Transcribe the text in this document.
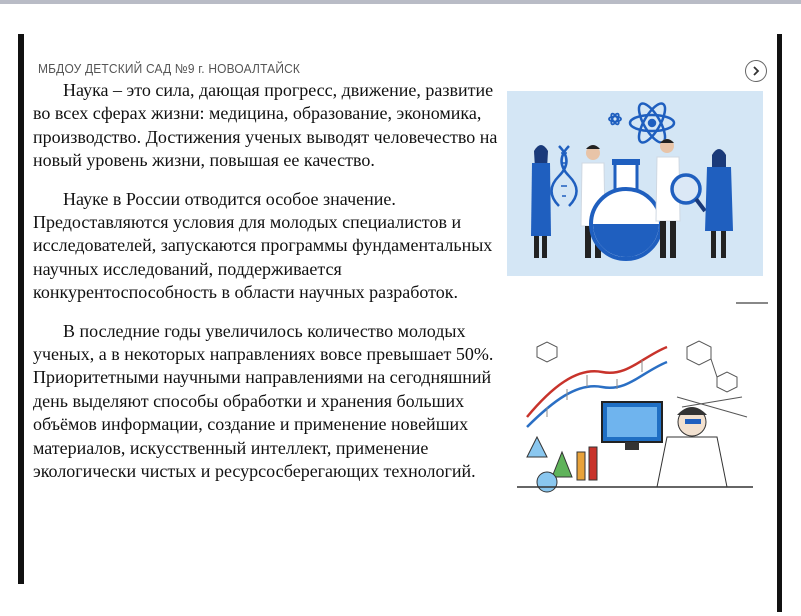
МБДОУ ДЕТСКИЙ САД №9 г. НОВОАЛТАЙСК

Наука – это сила, дающая прогресс, движение, развитие во всех сферах жизни: медицина, образование, экономика, производство. Достижения ученых выводят человечество на новый уровень жизни, повышая ее качество.

Науке в России отводится особое значение. Предоставляются условия для молодых специалистов и исследователей, запускаются программы фундаментальных научных исследований, поддерживается конкурентоспособность в области научных разработок.

В последние годы увеличилось количество молодых ученых, а в некоторых направлениях вовсе превышает 50%. Приоритетными научными направлениями на сегодняшний день выделяют способы обработки и хранения больших объёмов информации, создание и применение новейших материалов, искусственный интеллект, применение экологически чистых и ресурсосберегающих технологий.
